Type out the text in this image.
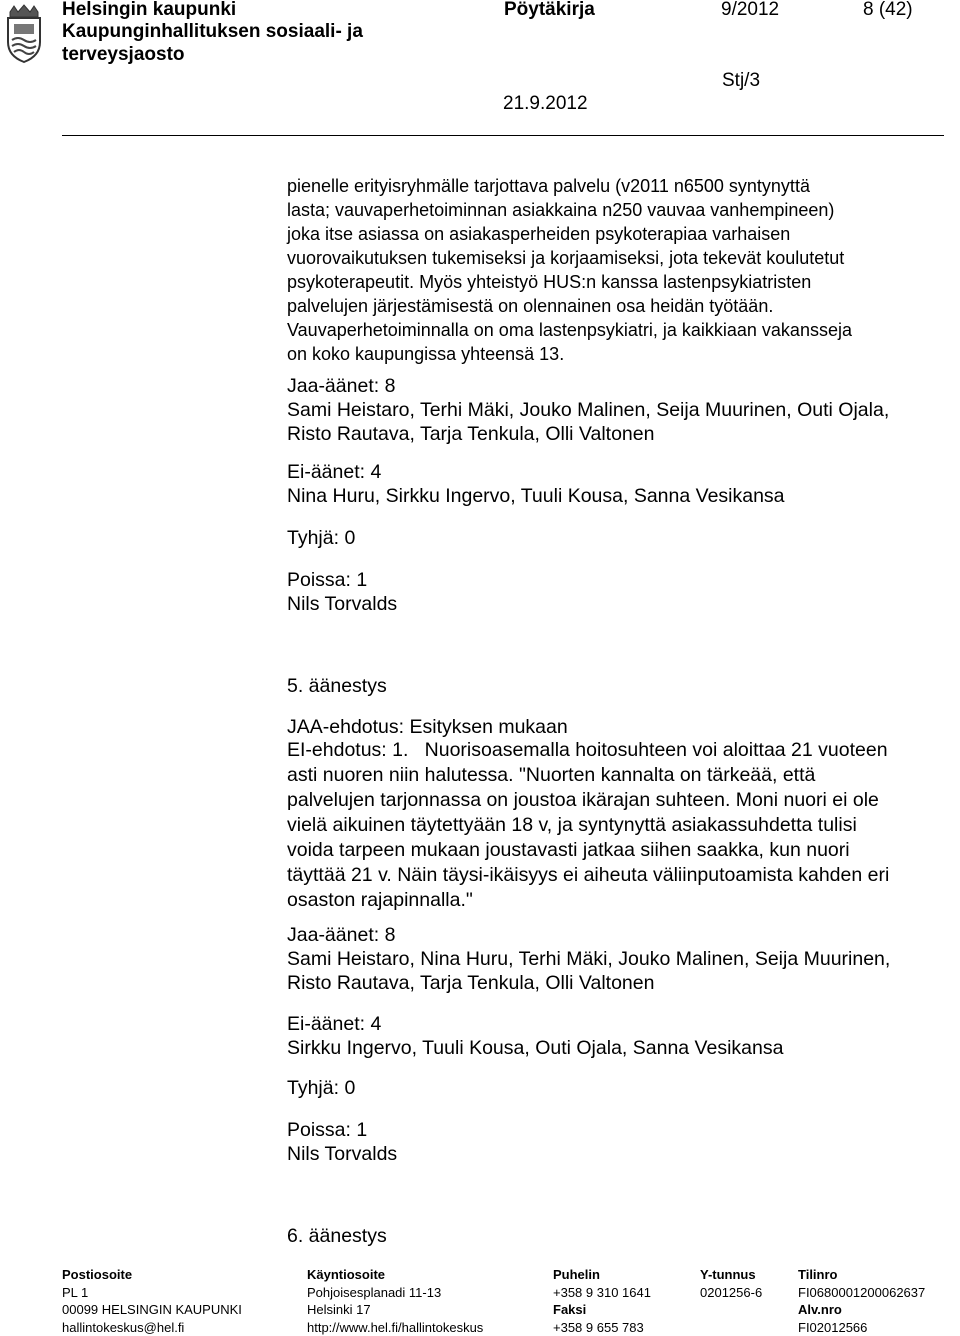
Helsingin kaupunki
Kaupunginhallituksen sosiaali- ja
terveysjaosto
Pöytäkirja	9/2012	8 (42)
Stj/3
21.9.2012
pienelle erityisryhmälle tarjottava palvelu (v2011 n6500 syntynyttä
lasta; vauvaperhetoiminnan asiakkaina n250 vauvaa vanhempineen)
joka itse asiassa on asiakasperheiden psykoterapiaa varhaisen
vuorovaikutuksen tukemiseksi ja korjaamiseksi, jota tekevät koulutetut
psykoterapeutit. Myös yhteistyö HUS:n kanssa lastenpsykiatristen
palvelujen järjestämisestä on olennainen osa heidän työtään.
Vauvaperhetoiminnalla on oma lastenpsykiatri, ja kaikkiaan vakansseja
on koko kaupungissa yhteensä 13.
Jaa-äänet: 8
Sami Heistaro, Terhi Mäki, Jouko Malinen, Seija Muurinen, Outi Ojala,
Risto Rautava, Tarja Tenkula, Olli Valtonen
Ei-äänet: 4
Nina Huru, Sirkku Ingervo, Tuuli Kousa, Sanna Vesikansa
Tyhjä: 0
Poissa: 1
Nils Torvalds
5. äänestys
JAA-ehdotus: Esityksen mukaan
EI-ehdotus: 1.   Nuorisoasemalla hoitosuhteen voi aloittaa 21 vuoteen
asti nuoren niin halutessa. "Nuorten kannalta on tärkeää, että
palvelujen tarjonnassa on joustoa ikärajan suhteen. Moni nuori ei ole
vielä aikuinen täytettyään 18 v, ja syntynyttä asiakassuhdetta tulisi
voida tarpeen mukaan joustavasti jatkaa siihen saakka, kun nuori
täyttää 21 v. Näin täysi-ikäisyys ei aiheuta väliinputoamista kahden eri
osaston rajapinnalla."
Jaa-äänet: 8
Sami Heistaro, Nina Huru, Terhi Mäki, Jouko Malinen, Seija Muurinen,
Risto Rautava, Tarja Tenkula, Olli Valtonen
Ei-äänet: 4
Sirkku Ingervo, Tuuli Kousa, Outi Ojala, Sanna Vesikansa
Tyhjä: 0
Poissa: 1
Nils Torvalds
6. äänestys
Postiosoite
PL 1
00099 HELSINGIN KAUPUNKI
hallintokeskus@hel.fi
Käyntiosoite
Pohjoisesplanadi 11-13
Helsinki 17
http://www.hel.fi/hallintokeskus
Puhelin
+358 9 310 1641
Faksi
+358 9 655 783
Y-tunnus
0201256-6
Tilinro
FI0680001200062637
Alv.nro
FI02012566
